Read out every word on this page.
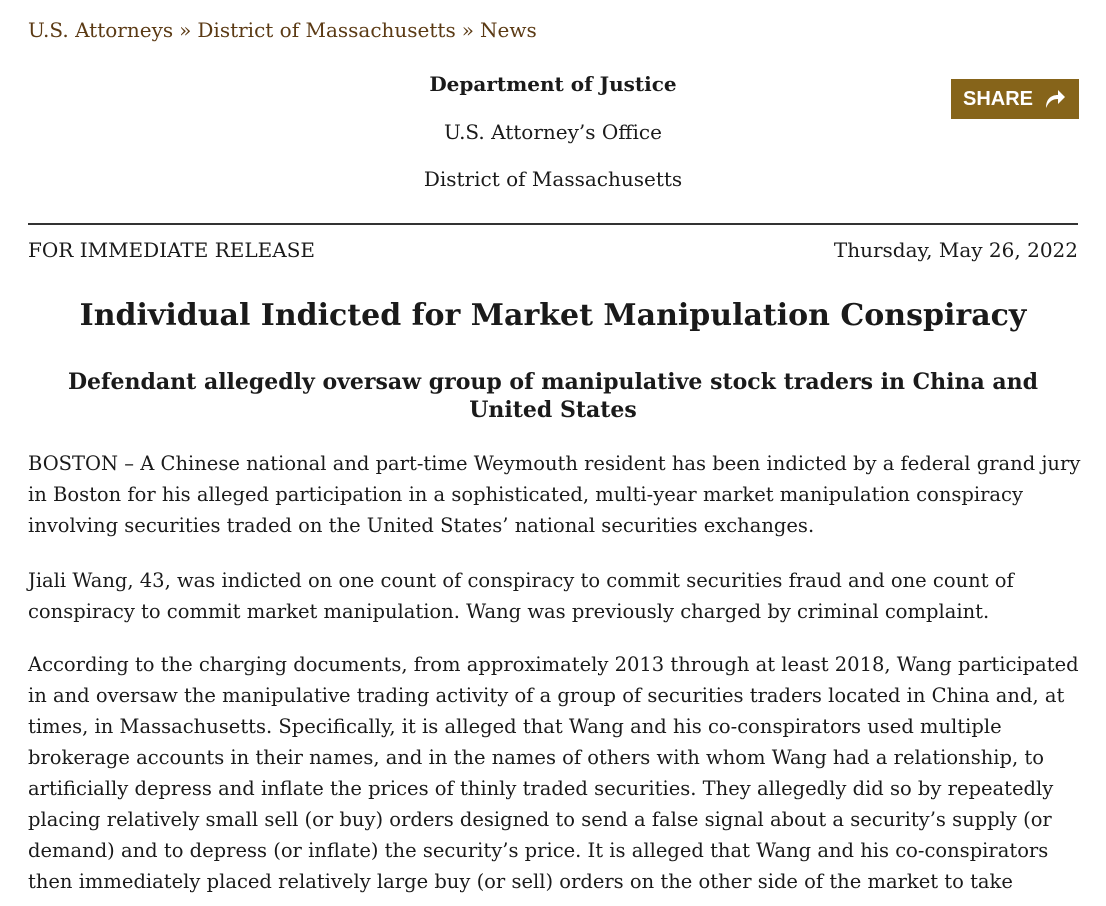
U.S. Attorneys » District of Massachusetts » News
Department of Justice
U.S. Attorney’s Office
District of Massachusetts
SHARE
FOR IMMEDIATE RELEASE	Thursday, May 26, 2022
Individual Indicted for Market Manipulation Conspiracy
Defendant allegedly oversaw group of manipulative stock traders in China and United States

BOSTON – A Chinese national and part-time Weymouth resident has been indicted by a federal grand jury
in Boston for his alleged participation in a sophisticated, multi-year market manipulation conspiracy
involving securities traded on the United States’ national securities exchanges.

Jiali Wang, 43, was indicted on one count of conspiracy to commit securities fraud and one count of
conspiracy to commit market manipulation. Wang was previously charged by criminal complaint.

According to the charging documents, from approximately 2013 through at least 2018, Wang participated
in and oversaw the manipulative trading activity of a group of securities traders located in China and, at
times, in Massachusetts. Specifically, it is alleged that Wang and his co-conspirators used multiple
brokerage accounts in their names, and in the names of others with whom Wang had a relationship, to
artificially depress and inflate the prices of thinly traded securities. They allegedly did so by repeatedly
placing relatively small sell (or buy) orders designed to send a false signal about a security’s supply (or
demand) and to depress (or inflate) the security’s price. It is alleged that Wang and his co-conspirators
then immediately placed relatively large buy (or sell) orders on the other side of the market to take
